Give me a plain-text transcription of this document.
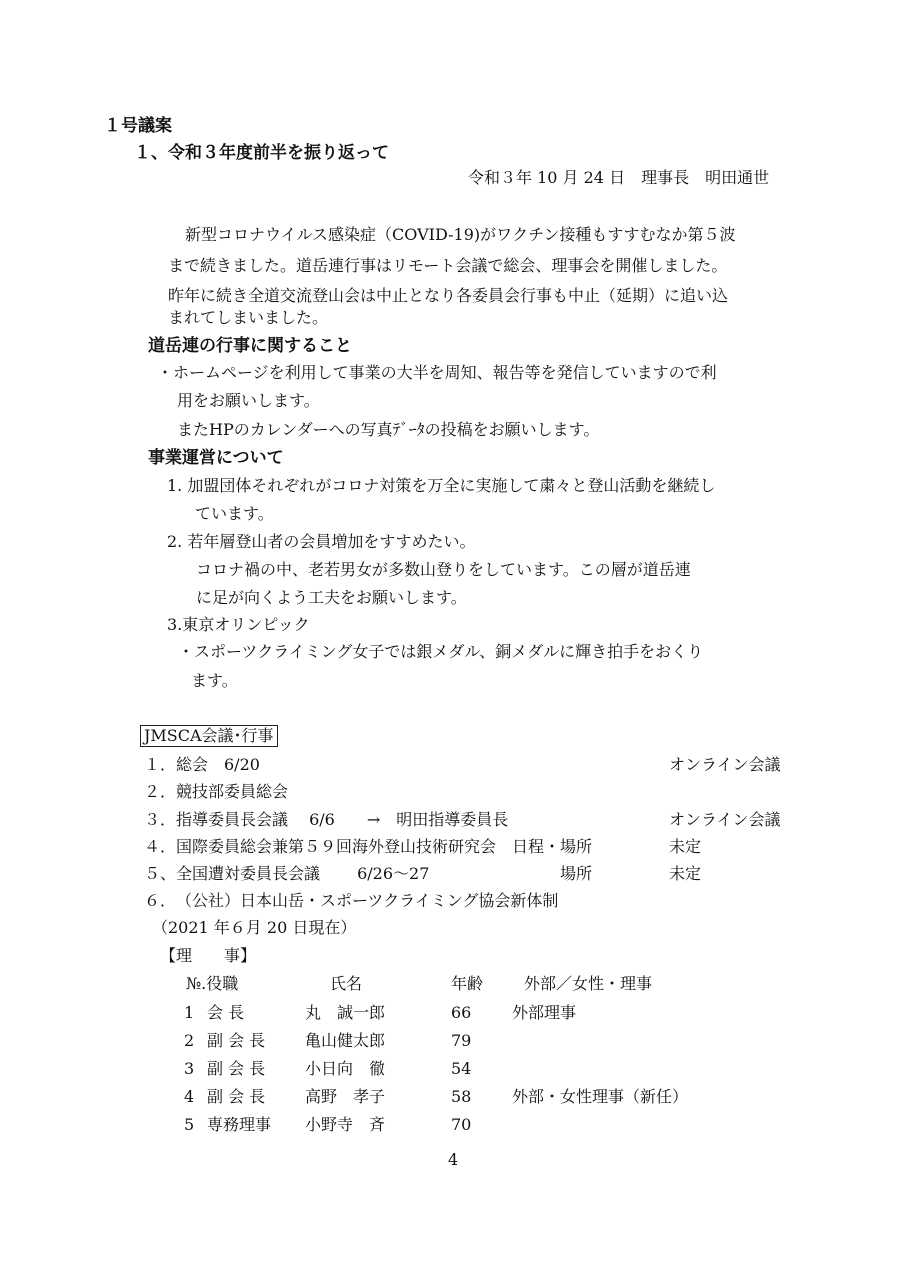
１号議案
１、令和３年度前半を振り返って
令和３年 10 月 24 日　理事長　明田通世
新型コロナウイルス感染症（COVID-19)がワクチン接種もすすむなか第５波
まで続きました。道岳連行事はリモート会議で総会、理事会を開催しました。
昨年に続き全道交流登山会は中止となり各委員会行事も中止（延期）に追い込
まれてしまいました。
道岳連の行事に関すること
・ホームページを利用して事業の大半を周知、報告等を発信していますので利
用をお願いします。
またHPのカレンダーへの写真ﾃﾞｰﾀの投稿をお願いします。
事業運営について
1. 加盟団体それぞれがコロナ対策を万全に実施して粛々と登山活動を継続し
ています。
2. 若年層登山者の会員増加をすすめたい。
コロナ禍の中、老若男女が多数山登りをしています。この層が道岳連
に足が向くよう工夫をお願いします。
3.東京オリンピック
・スポーツクライミング女子では銀メダル、銅メダルに輝き拍手をおくり
ます。
JMSCA会議･行事
１． 総会　6/20	オンライン会議
２． 競技部委員総会
３． 指導委員長会議　 6/6　　→　明田指導委員長	オンライン会議
４． 国際委員総会兼第５９回海外登山技術研究会　日程・場所	未定
５、 全国遭対委員長会議　　 6/26～27	場所	未定
６． （公社）日本山岳・スポーツクライミング協会新体制
（2021 年６月 20 日現在）
【理　　事】
№.役職	氏名	年齢	外部／女性・理事
1 会 長	丸　誠一郎	66	外部理事
2 副 会 長 亀山健太郎	79
3 副 会 長 小日向　徹	54
4 副 会 長 高野　孝子	58	外部・女性理事（新任）
5 専務理事 小野寺　斉	70
4
